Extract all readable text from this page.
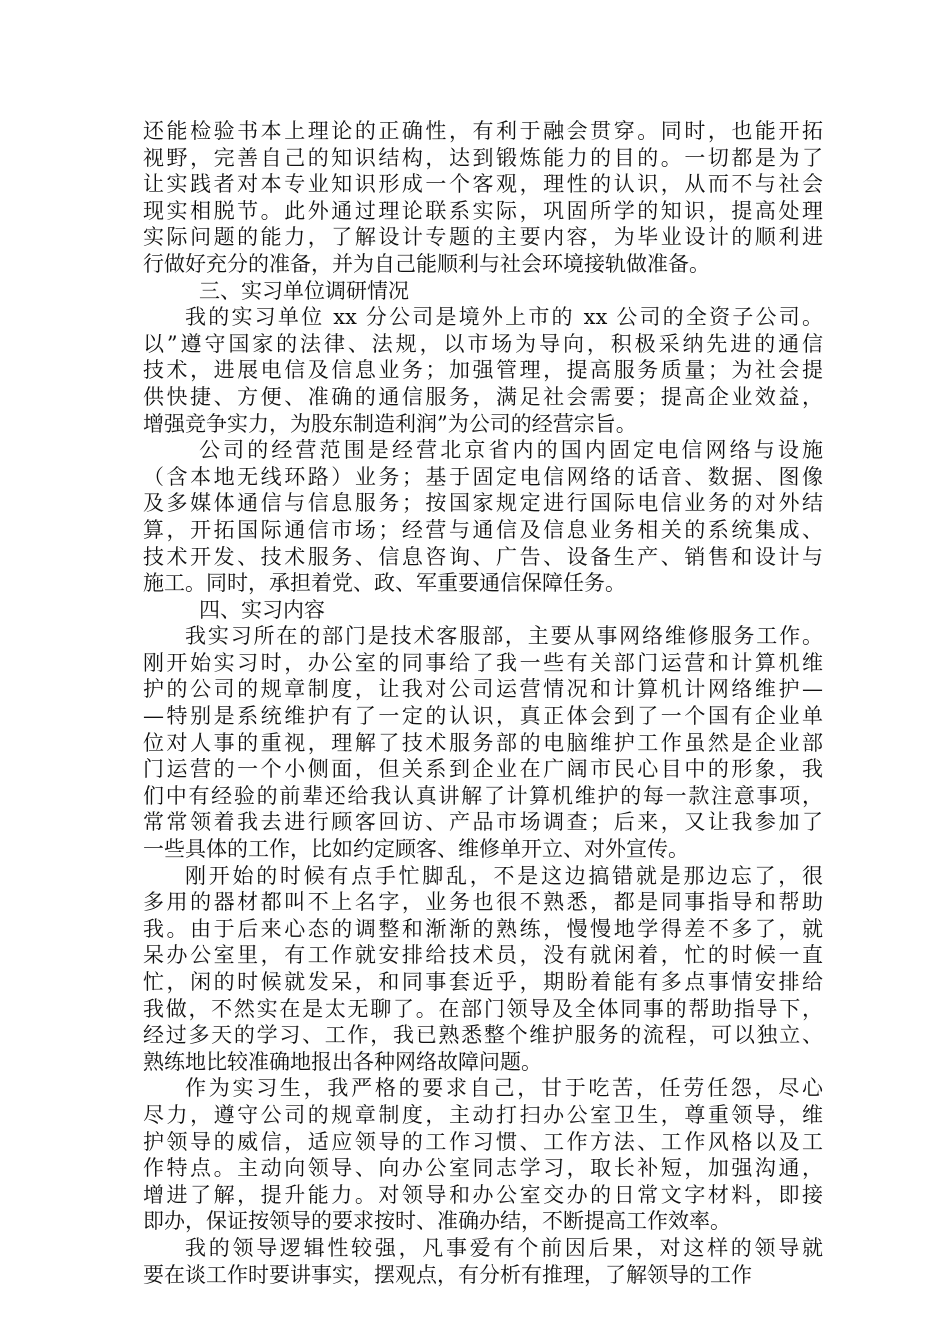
还能检验书本上理论的正确性，有利于融会贯穿。同时，也能开拓
视野，完善自己的知识结构，达到锻炼能力的目的。一切都是为了
让实践者对本专业知识形成一个客观，理性的认识，从而不与社会
现实相脱节。此外通过理论联系实际，巩固所学的知识，提高处理
实际问题的能力，了解设计专题的主要内容，为毕业设计的顺利进
行做好充分的准备，并为自己能顺利与社会环境接轨做准备。
三、实习单位调研情况
我的实习单位 xx 分公司是境外上市的 xx 公司的全资子公司。
以”遵守国家的法律、法规，以市场为导向，积极采纳先进的通信
技术，进展电信及信息业务；加强管理，提高服务质量；为社会提
供快捷、方便、准确的通信服务，满足社会需要；提高企业效益，
增强竞争实力，为股东制造利润”为公司的经营宗旨。
公司的经营范围是经营北京省内的国内固定电信网络与设施
（含本地无线环路）业务；基于固定电信网络的话音、数据、图像
及多媒体通信与信息服务；按国家规定进行国际电信业务的对外结
算，开拓国际通信市场；经营与通信及信息业务相关的系统集成、
技术开发、技术服务、信息咨询、广告、设备生产、销售和设计与
施工。同时，承担着党、政、军重要通信保障任务。
四、实习内容
我实习所在的部门是技术客服部，主要从事网络维修服务工作。
刚开始实习时，办公室的同事给了我一些有关部门运营和计算机维
护的公司的规章制度，让我对公司运营情况和计算机计网络维护—
—特别是系统维护有了一定的认识，真正体会到了一个国有企业单
位对人事的重视，理解了技术服务部的电脑维护工作虽然是企业部
门运营的一个小侧面，但关系到企业在广阔市民心目中的形象，我
们中有经验的前辈还给我认真讲解了计算机维护的每一款注意事项，
常常领着我去进行顾客回访、产品市场调查；后来，又让我参加了
一些具体的工作，比如约定顾客、维修单开立、对外宣传。
刚开始的时候有点手忙脚乱，不是这边搞错就是那边忘了，很
多用的器材都叫不上名字，业务也很不熟悉，都是同事指导和帮助
我。由于后来心态的调整和渐渐的熟练，慢慢地学得差不多了，就
呆办公室里，有工作就安排给技术员，没有就闲着，忙的时候一直
忙，闲的时候就发呆，和同事套近乎，期盼着能有多点事情安排给
我做，不然实在是太无聊了。在部门领导及全体同事的帮助指导下，
经过多天的学习、工作，我已熟悉整个维护服务的流程，可以独立、
熟练地比较准确地报出各种网络故障问题。
作为实习生，我严格的要求自己，甘于吃苦，任劳任怨，尽心
尽力，遵守公司的规章制度，主动打扫办公室卫生，尊重领导，维
护领导的威信，适应领导的工作习惯、工作方法、工作风格以及工
作特点。主动向领导、向办公室同志学习，取长补短，加强沟通，
增进了解，提升能力。对领导和办公室交办的日常文字材料，即接
即办，保证按领导的要求按时、准确办结，不断提高工作效率。
我的领导逻辑性较强，凡事爱有个前因后果，对这样的领导就
要在谈工作时要讲事实，摆观点，有分析有推理，了解领导的工作
